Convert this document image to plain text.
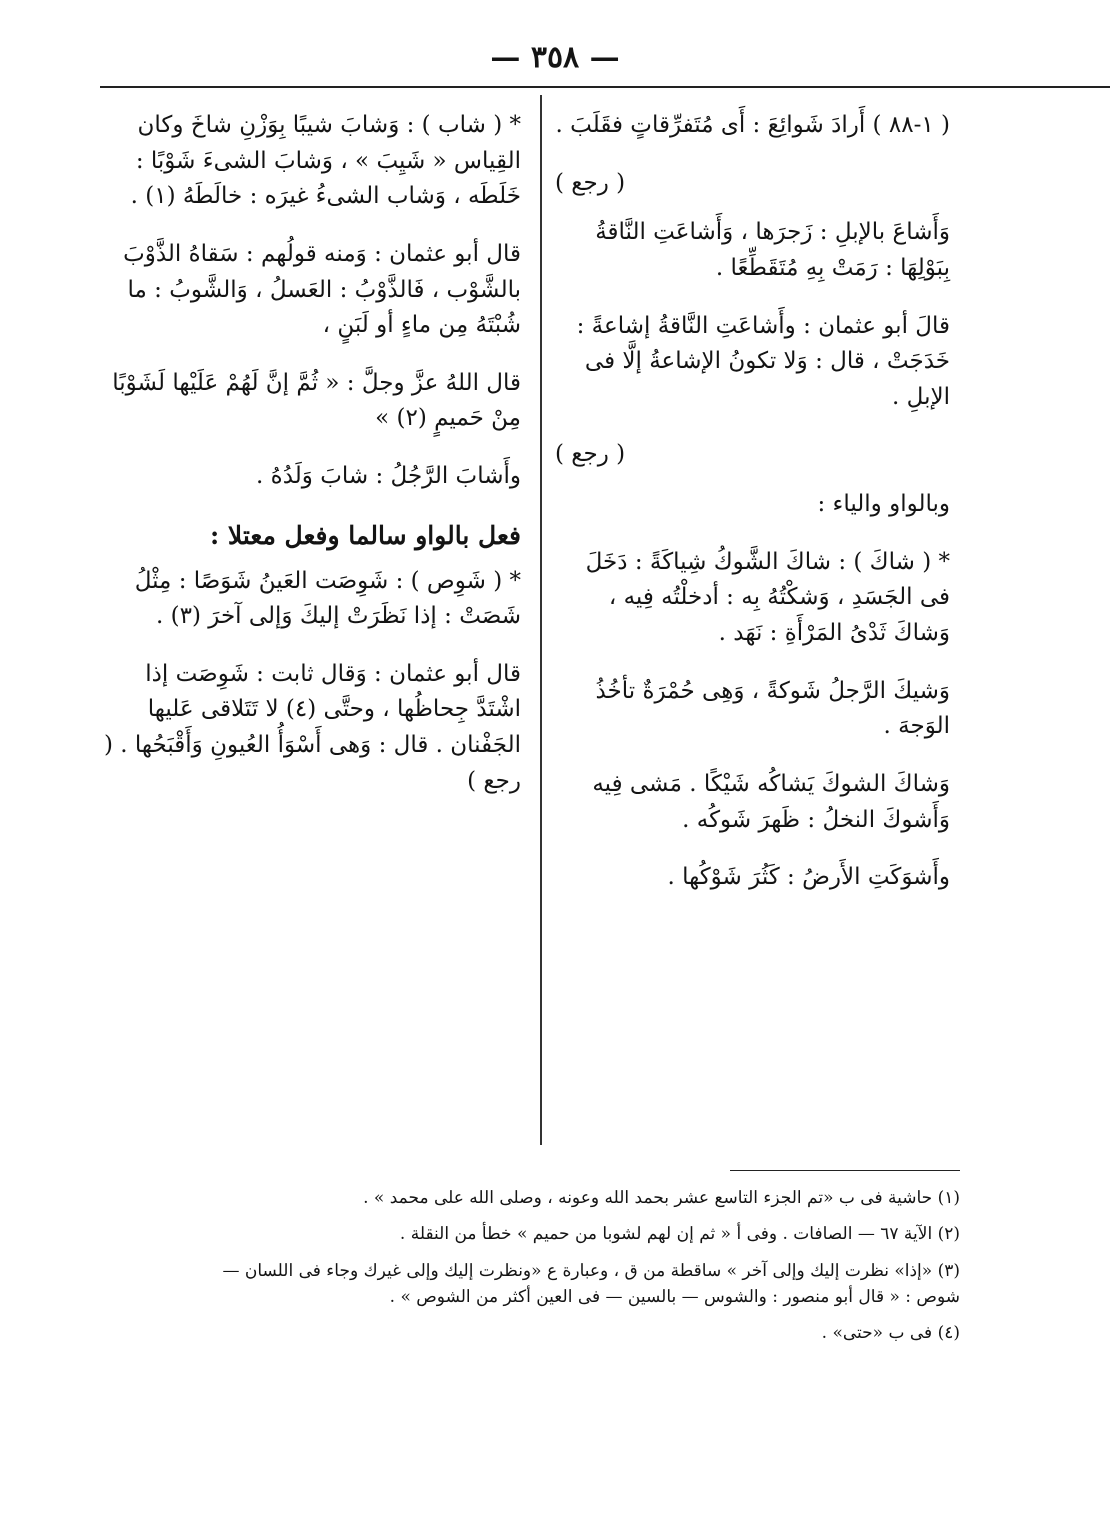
— ٣٥٨ —

( ١-٨٨ ) أَرادَ شَوائِعَ : أَى مُتَفرِّقاتٍ فقَلَبَ .

( رجع )

وَأَشاعَ بالإبلِ : زَجرَها ، وَأَشاعَتِ النَّاقةُ بِبَوْلِهَا : رَمَتْ بِهِ مُتَقَطِّعًا .

قالَ أبو عثمان : وأَشاعَتِ النَّاقةُ إشاعةً : خَدَجَتْ ، قال : وَلا تكونُ الإشاعةُ إلَّا فى الإبلِ .

( رجع )

وبالواو والياء :

* ( شاكَ ) : شاكَ الشَّوكُ شِياكَةً : دَخَلَ فى الجَسَدِ ، وَشكْتُهُ بِه : أدخلْتُه فِيه ، وَشاكَ ثَدْىُ المَرْأَةِ : نَهَد .

وَشيكَ الرَّجلُ شَوكةً ، وَهِى حُمْرَةٌ تأخُذُ الوَجهَ .

وَشاكَ الشوكَ يَشاكُه شَيْكًا . مَشى فِيه وَأَشوكَ النخلُ : ظَهرَ شَوكُه .

وأَشوَكَتِ الأَرضُ : كَثُرَ شَوْكُها .

* ( شاب ) : وَشابَ شيبًا بِوَزْنِ شاخَ وكان القِياس « شَيِبَ » ، وَشابَ الشىءَ شَوْبًا : خَلَطَه ، وَشاب الشىءُ غيرَه : خالَطَهُ (١) .

قال أبو عثمان : وَمنه قولُهم : سَقاهُ الذَّوْبَ بالشَّوْب ، فَالذَّوْبُ : العَسلُ ، وَالشَّوبُ : ما شُبْتَهُ مِن ماءٍ أو لَبَنٍ ،

قال اللهُ عزَّ وجلَّ : « ثُمَّ إنَّ لَهُمْ عَلَيْها لَشَوْبًا مِنْ حَميمٍ (٢) »

وأَشابَ الرَّجُلُ : شابَ وَلَدُهُ .

فعل بالواو سالما وفعل معتلا :

* ( شَوِص ) : شَوِصَت العَينُ شَوَصًا : مِثْلُ شَصَتْ : إذا نَظَرَتْ إليكَ وَإلى آخرَ (٣) .

قال أبو عثمان : وَقال ثابت : شَوِصَت إذا اشْتَدَّ جِحاظُها ، وحتَّى (٤) لا تَتَلاقى عَليها الجَفْنان . قال : وَهى أَسْوَأُ العُيونِ وَأَقْبَحُها . ( رجع )

(١) حاشية فى ب «تم الجزء التاسع عشر بحمد الله وعونه ، وصلى الله على محمد » .

(٢) الآية ٦٧ — الصافات . وفى أ « ثم إن لهم لشوبا من حميم » خطأ من النقلة .

(٣) «إذا» نظرت إليك وإلى آخر » ساقطة من ق ، وعبارة ع «ونظرت إليك وإلى غيرك وجاء فى اللسان — شوص : « قال أبو منصور : والشوس — بالسين — فى العين أكثر من الشوص » .

(٤) فى ب «حتى» .
